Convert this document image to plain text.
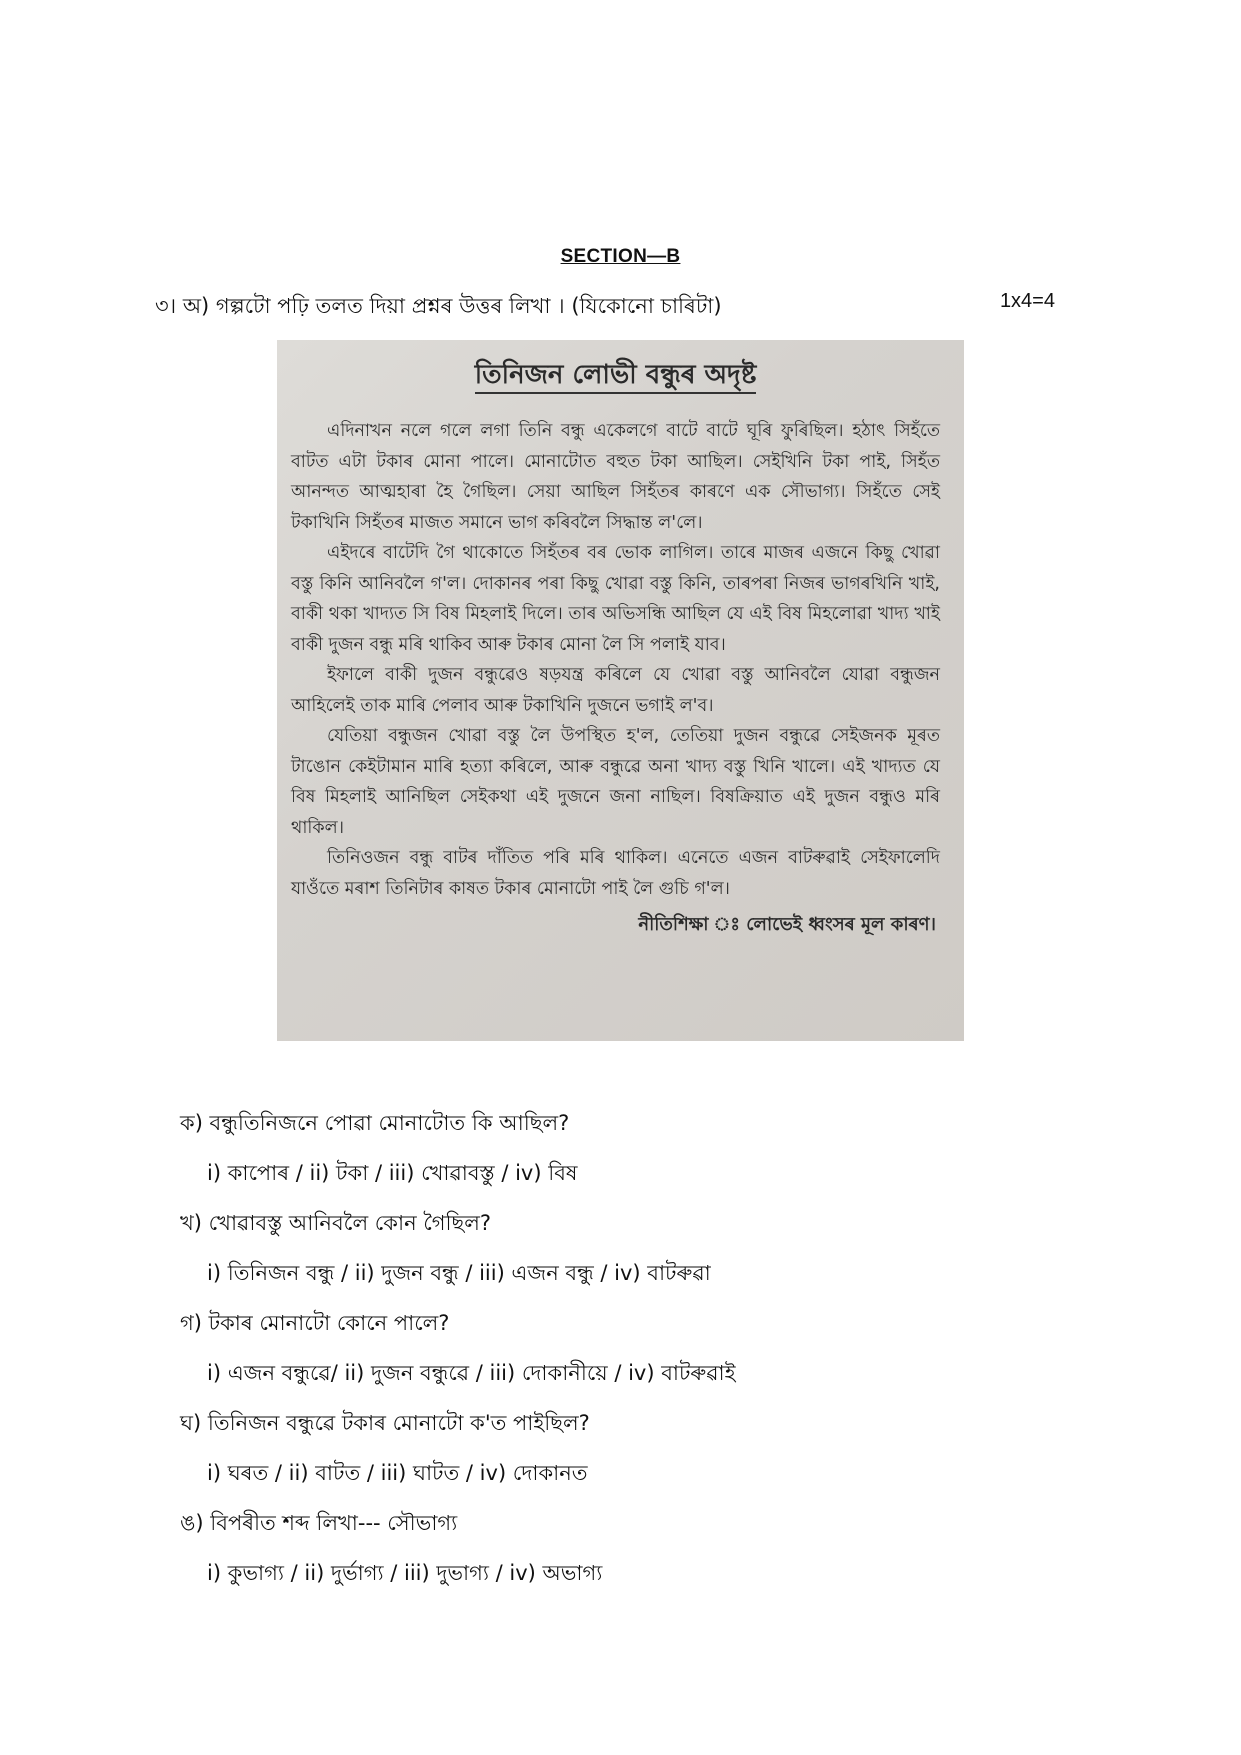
SECTION—B
৩। অ) গল্পটো পঢ়ি তলত দিয়া প্ৰশ্নৰ উত্তৰ লিখা । (যিকোনো চাৰিটা)	1x4=4
তিনিজন লোভী বন্ধুৰ অদৃষ্ট

এদিনাখন নলে গলে লগা তিনি বন্ধু একেলগে বাটে বাটে ঘূৰি ফুৰিছিল। হঠাৎ সিহঁতে বাটত এটা টকাৰ মোনা পালে। মোনাটোত বহুত টকা আছিল। সেইখিনি টকা পাই, সিহঁত আনন্দত আত্মহাৰা হৈ গৈছিল। সেয়া আছিল সিহঁতৰ কাৰণে এক সৌভাগ্য। সিহঁতে সেই টকাখিনি সিহঁতৰ মাজত সমানে ভাগ কৰিবলৈ সিদ্ধান্ত ল'লে।

এইদৰে বাটেদি গৈ থাকোতে সিহঁতৰ বৰ ভোক লাগিল। তাৰে মাজৰ এজনে কিছু খোৱা বস্তু কিনি আনিবলৈ গ'ল। দোকানৰ পৰা কিছু খোৱা বস্তু কিনি, তাৰপৰা নিজৰ ভাগৰখিনি খাই, বাকী থকা খাদ্যত সি বিষ মিহলাই দিলে। তাৰ অভিসন্ধি আছিল যে এই বিষ মিহলোৱা খাদ্য খাই বাকী দুজন বন্ধু মৰি থাকিব আৰু টকাৰ মোনা লৈ সি পলাই যাব।

ইফালে বাকী দুজন বন্ধুৱেও ষড়যন্ত্ৰ কৰিলে যে খোৱা বস্তু আনিবলৈ যোৱা বন্ধুজন আহিলেই তাক মাৰি পেলাব আৰু টকাখিনি দুজনে ভগাই ল'ব।

যেতিয়া বন্ধুজন খোৱা বস্তু লৈ উপস্থিত হ'ল, তেতিয়া দুজন বন্ধুৱে সেইজনক মূৰত টাঙোন কেইটামান মাৰি হত্যা কৰিলে, আৰু বন্ধুৱে অনা খাদ্য বস্তু খিনি খালে। এই খাদ্যত যে বিষ মিহলাই আনিছিল সেইকথা এই দুজনে জনা নাছিল। বিষক্ৰিয়াত এই দুজন বন্ধুও মৰি থাকিল।

তিনিওজন বন্ধু বাটৰ দাঁতিত পৰি মৰি থাকিল। এনেতে এজন বাটৰুৱাই সেইফালেদি যাওঁতে মৰাশ তিনিটাৰ কাষত টকাৰ মোনাটো পাই লৈ গুচি গ'ল।

নীতিশিক্ষা ঃ লোভেই ধ্বংসৰ মূল কাৰণ।
ক) বন্ধুতিনিজনে পোৱা মোনাটোত কি আছিল?
i) কাপোৰ / ii) টকা / iii) খোৱাবস্তু / iv) বিষ
খ) খোৱাবস্তু আনিবলৈ কোন গৈছিল?
i) তিনিজন বন্ধু / ii) দুজন বন্ধু / iii) এজন বন্ধু / iv) বাটৰুৱা
গ) টকাৰ মোনাটো কোনে পালে?
i) এজন বন্ধুৱে/ ii) দুজন বন্ধুৱে / iii) দোকানীয়ে / iv) বাটৰুৱাই
ঘ) তিনিজন বন্ধুৱে টকাৰ মোনাটো ক'ত পাইছিল?
i) ঘৰত / ii) বাটত / iii) ঘাটত / iv) দোকানত
ঙ) বিপৰীত শব্দ লিখা--- সৌভাগ্য
i) কুভাগ্য / ii) দুৰ্ভাগ্য / iii) দুভাগ্য / iv) অভাগ্য
